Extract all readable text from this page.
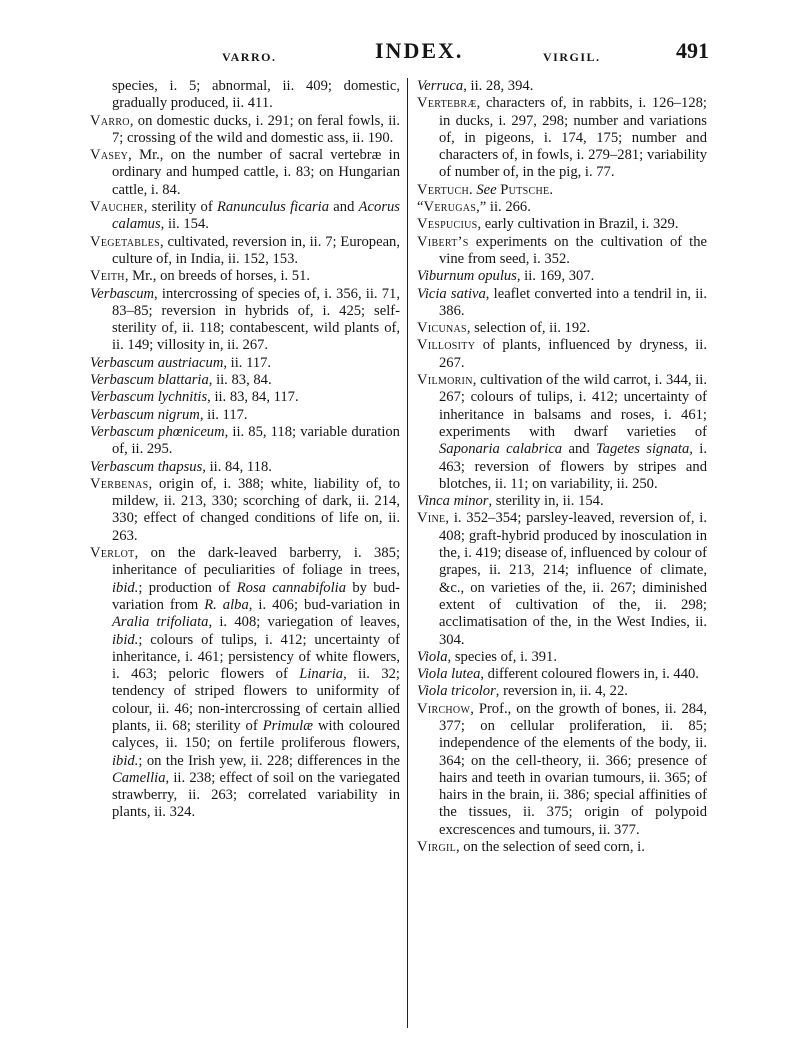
VARRO.	INDEX.	VIRGIL.	491

species, i. 5; abnormal, ii. 409; domestic, gradually produced, ii. 411.

Varro, on domestic ducks, i. 291; on feral fowls, ii. 7; crossing of the wild and domestic ass, ii. 190.

Vasey, Mr., on the number of sacral vertebræ in ordinary and humped cattle, i. 83; on Hungarian cattle, i. 84.

Vaucher, sterility of Ranunculus ficaria and Acorus calamus, ii. 154.

Vegetables, cultivated, reversion in, ii. 7; European, culture of, in India, ii. 152, 153.

Veith, Mr., on breeds of horses, i. 51.

Verbascum, intercrossing of species of, i. 356, ii. 71, 83–85; reversion in hybrids of, i. 425; self-sterility of, ii. 118; contabescent, wild plants of, ii. 149; villosity in, ii. 267.

Verbascum austriacum, ii. 117.

Verbascum blattaria, ii. 83, 84.

Verbascum lychnitis, ii. 83, 84, 117.

Verbascum nigrum, ii. 117.

Verbascum phœniceum, ii. 85, 118; variable duration of, ii. 295.

Verbascum thapsus, ii. 84, 118.

Verbenas, origin of, i. 388; white, liability of, to mildew, ii. 213, 330; scorching of dark, ii. 214, 330; effect of changed conditions of life on, ii. 263.

Verlot, on the dark-leaved barberry, i. 385; inheritance of peculiarities of foliage in trees, ibid.; production of Rosa cannabifolia by bud-variation from R. alba, i. 406; bud-variation in Aralia trifoliata, i. 408; variegation of leaves, ibid.; colours of tulips, i. 412; uncertainty of inheritance, i. 461; persistency of white flowers, i. 463; peloric flowers of Linaria, ii. 32; tendency of striped flowers to uniformity of colour, ii. 46; non-intercrossing of certain allied plants, ii. 68; sterility of Primulæ with coloured calyces, ii. 150; on fertile proliferous flowers, ibid.; on the Irish yew, ii. 228; differences in the Camellia, ii. 238; effect of soil on the variegated strawberry, ii. 263; correlated variability in plants, ii. 324.

Verruca, ii. 28, 394.

Vertebræ, characters of, in rabbits, i. 126–128; in ducks, i. 297, 298; number and variations of, in pigeons, i. 174, 175; number and characters of, in fowls, i. 279–281; variability of number of, in the pig, i. 77.

Vertuch. See Putsche.

“Verugas,” ii. 266.

Vespucius, early cultivation in Brazil, i. 329.

Vibert’s experiments on the cultivation of the vine from seed, i. 352.

Viburnum opulus, ii. 169, 307.

Vicia sativa, leaflet converted into a tendril in, ii. 386.

Vicunas, selection of, ii. 192.

Villosity of plants, influenced by dryness, ii. 267.

Vilmorin, cultivation of the wild carrot, i. 344, ii. 267; colours of tulips, i. 412; uncertainty of inheritance in balsams and roses, i. 461; experiments with dwarf varieties of Saponaria calabrica and Tagetes signata, i. 463; reversion of flowers by stripes and blotches, ii. 11; on variability, ii. 250.

Vinca minor, sterility in, ii. 154.

Vine, i. 352–354; parsley-leaved, reversion of, i. 408; graft-hybrid produced by inosculation in the, i. 419; disease of, influenced by colour of grapes, ii. 213, 214; influence of climate, &c., on varieties of the, ii. 267; diminished extent of cultivation of the, ii. 298; acclimatisation of the, in the West Indies, ii. 304.

Viola, species of, i. 391.

Viola lutea, different coloured flowers in, i. 440.

Viola tricolor, reversion in, ii. 4, 22.

Virchow, Prof., on the growth of bones, ii. 284, 377; on cellular proliferation, ii. 85; independence of the elements of the body, ii. 364; on the cell-theory, ii. 366; presence of hairs and teeth in ovarian tumours, ii. 365; of hairs in the brain, ii. 386; special affinities of the tissues, ii. 375; origin of polypoid excrescences and tumours, ii. 377.

Virgil, on the selection of seed corn, i.
